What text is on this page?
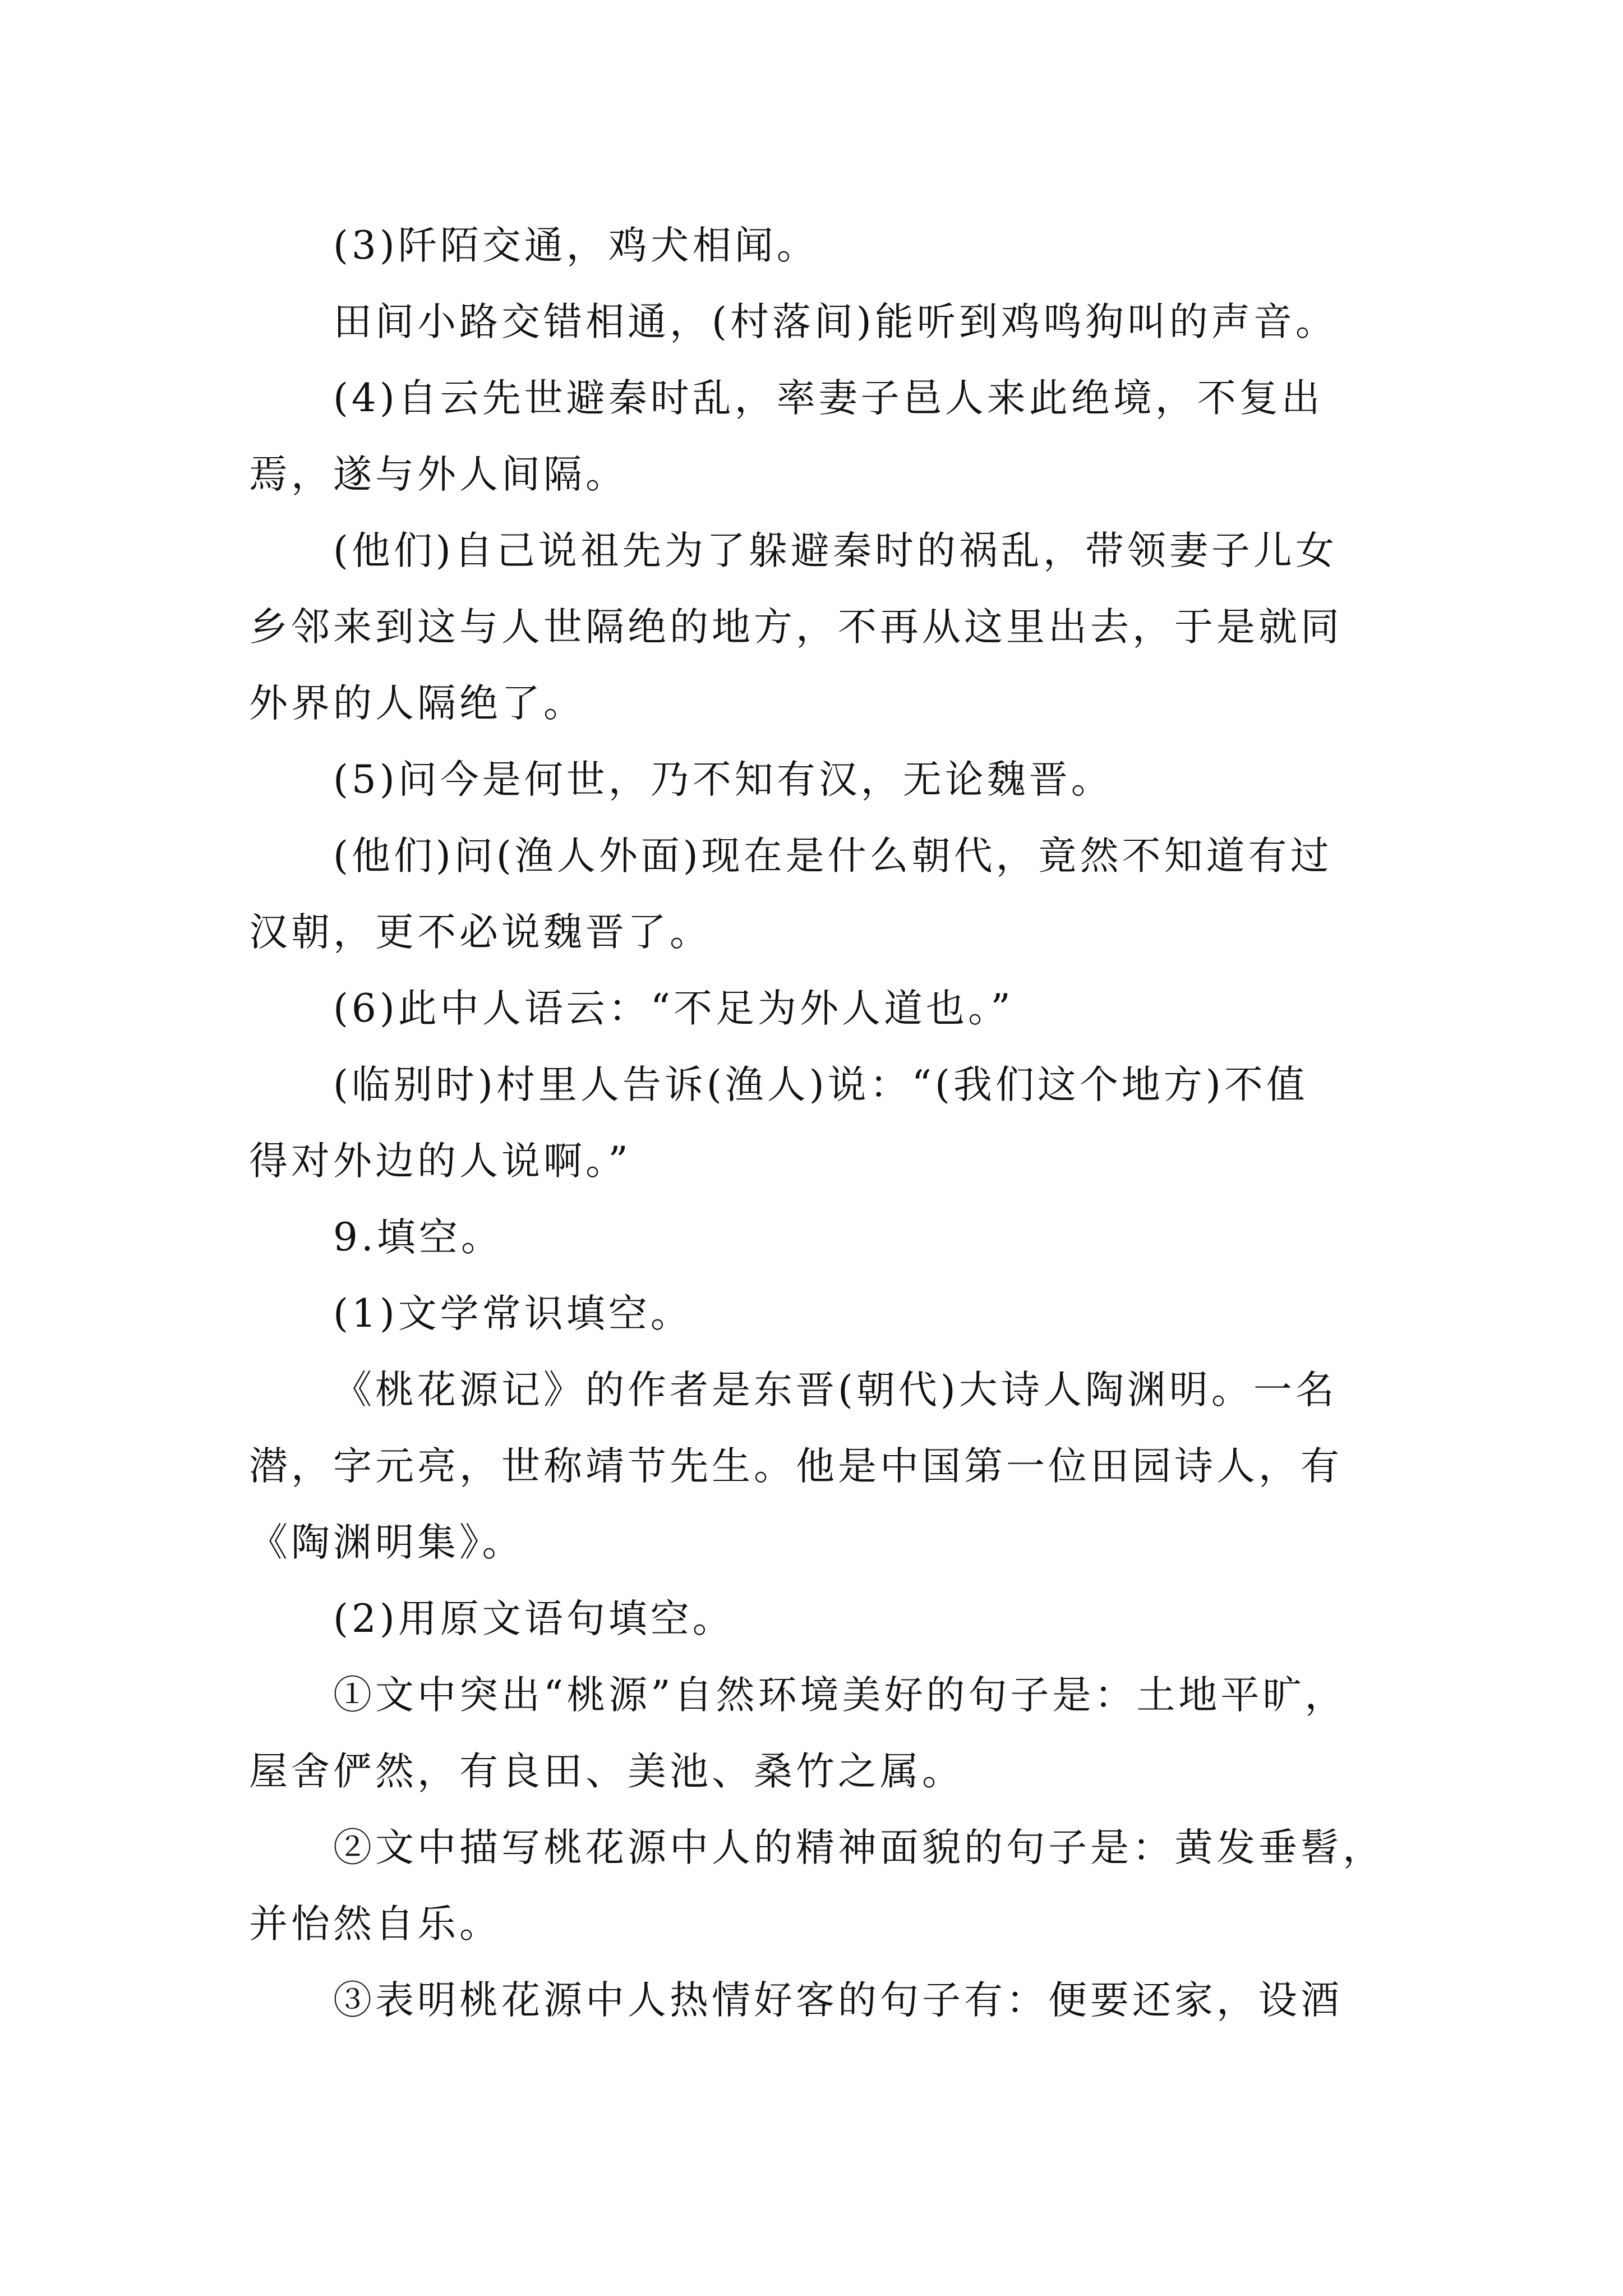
(3)阡陌交通，鸡犬相闻。
田间小路交错相通，(村落间)能听到鸡鸣狗叫的声音。
(4)自云先世避秦时乱，率妻子邑人来此绝境，不复出
焉，遂与外人间隔。
(他们)自己说祖先为了躲避秦时的祸乱，带领妻子儿女
乡邻来到这与人世隔绝的地方，不再从这里出去，于是就同
外界的人隔绝了。
(5)问今是何世，乃不知有汉，无论魏晋。
(他们)问(渔人外面)现在是什么朝代，竟然不知道有过
汉朝，更不必说魏晋了。
(6)此中人语云：“不足为外人道也。”
(临别时)村里人告诉(渔人)说：“(我们这个地方)不值
得对外边的人说啊。”
9.填空。
(1)文学常识填空。
《桃花源记》的作者是东晋(朝代)大诗人陶渊明。一名
潜，字元亮，世称靖节先生。他是中国第一位田园诗人，有
《陶渊明集》。
(2)用原文语句填空。
①文中突出“桃源”自然环境美好的句子是：土地平旷，
屋舍俨然，有良田、美池、桑竹之属。
②文中描写桃花源中人的精神面貌的句子是：黄发垂髫，
并怡然自乐。
③表明桃花源中人热情好客的句子有：便要还家，设酒
